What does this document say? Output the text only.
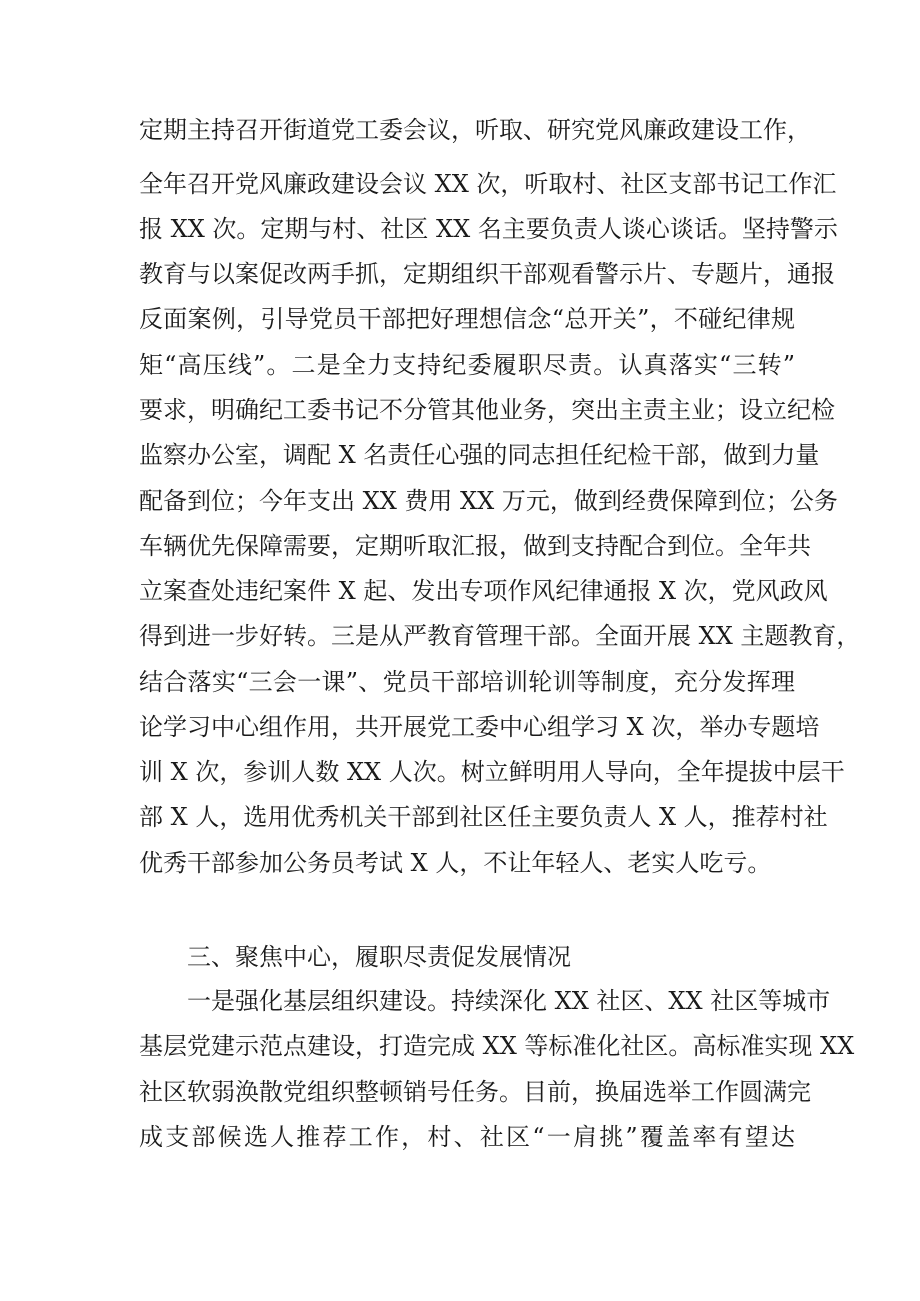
定期主持召开街道党工委会议，听取、研究党风廉政建设工作，
全年召开党风廉政建设会议 XX 次，听取村、社区支部书记工作汇
报 XX 次。定期与村、社区 XX 名主要负责人谈心谈话。坚持警示
教育与以案促改两手抓，定期组织干部观看警示片、专题片，通报
反面案例，引导党员干部把好理想信念“总开关”，不碰纪律规
矩“高压线”。二是全力支持纪委履职尽责。认真落实“三转”
要求，明确纪工委书记不分管其他业务，突出主责主业；设立纪检
监察办公室，调配 X 名责任心强的同志担任纪检干部，做到力量
配备到位；今年支出 XX 费用 XX 万元，做到经费保障到位；公务
车辆优先保障需要，定期听取汇报，做到支持配合到位。全年共
立案查处违纪案件 X 起、发出专项作风纪律通报 X 次，党风政风
得到进一步好转。三是从严教育管理干部。全面开展 XX 主题教育，
结合落实“三会一课”、党员干部培训轮训等制度，充分发挥理
论学习中心组作用，共开展党工委中心组学习 X 次，举办专题培
训 X 次，参训人数 XX 人次。树立鲜明用人导向，全年提拔中层干
部 X 人，选用优秀机关干部到社区任主要负责人 X 人，推荐村社
优秀干部参加公务员考试 X 人，不让年轻人、老实人吃亏。
三、聚焦中心，履职尽责促发展情况
一是强化基层组织建设。持续深化 XX 社区、XX 社区等城市
基层党建示范点建设，打造完成 XX 等标准化社区。高标准实现 XX
社区软弱涣散党组织整顿销号任务。目前，换届选举工作圆满完
成支部候选人推荐工作，村、社区“一肩挑”覆盖率有望达
